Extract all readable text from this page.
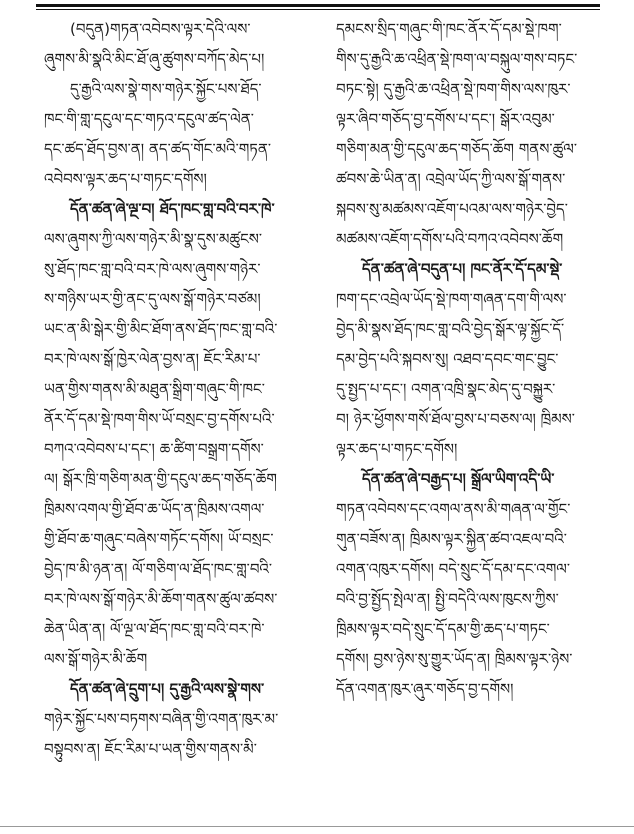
(བདུན)གཏན་འབེབས་ལྟར་དེའི་ལས་
ཞུགས་མི་སྣའི་མིང་ཐོ་ཞུ་ཚུགས་བཀོད་མེད་པ།
དུ་རྒྱའི་ལས་སྣེ་གས་གཉེར་སྐྱོང་པས་ཐོད་
ཁང་གི་གླ་དངུལ་དང་གཏའ་དངུལ་ཚད་ལེན་
དང་ཚད་ཐོད་བྱས་ན། ནད་ཚད་གོང་མའི་གཏན་
འབེབས་ལྟར་ཆད་པ་གཏང་དགོས།
དོན་ཚན་ཞེ་ལྔ་བ། ཐོད་ཁང་གླ་བའི་བར་ཁེ་
ལས་ཞུགས་ཀྱི་ལས་གཉེར་མི་སྣ་དུས་མཚུངས་
སུ་ཐོད་ཁང་གླ་བའི་བར་ཁེ་ལས་ཞུགས་གཉེར་
ས་གཉིས་ཡར་གྱི་ནང་དུ་ལས་སྒོ་གཉེར་བཙམ།
ཡང་ན་མི་སྒེར་གྱི་མིང་ཐོག་ནས་ཐོད་ཁང་གླ་བའི་
བར་ཁེ་ལས་སྒོ་ཁྱེར་ལེན་བྱས་ན། ཇོང་རིམ་པ་
ཡན་གྱིས་གནས་མི་མཐུན་སྒྲིག་གཞུང་གི་ཁང་
ནོར་དོ་དམ་སྡེ་ཁག་གིས་ཡོ་བསྲང་བྱ་དགོས་པའི་
བཀའ་འབེབས་པ་དང་། ཆ་ཚིག་བསྒྲག་དགོས་
ལ། སྒོར་ཁྲི་གཅིག་མན་གྱི་དངུལ་ཆད་གཅོད་ཆོག
ཁྲིམས་འགལ་གྱི་ཐོབ་ཆ་ཡོད་ན་ཁྲིམས་འགལ་
གྱི་ཐོབ་ཆ་གཞུང་བཞེས་གཏོང་དགོས། ཡོ་བསྲང་
བྱེད་ཁ་མི་ཉན་ན། ལོ་གཅིག་ལ་ཐོད་ཁང་གླ་བའི་
བར་ཁེ་ལས་སྒོ་གཉེར་མི་ཆོག་གནས་ཚུལ་ཚབས་
ཆེན་ཡིན་ན། ལོ་ལྔ་ལ་ཐོད་ཁང་གླ་བའི་བར་ཁེ་
ལས་སྒོ་གཉེར་མི་ཆོག
དོན་ཚན་ཞེ་དྲུག་པ། དུ་རྒྱའི་ལས་སྣེ་གས་
གཉེར་སྐྱོང་པས་བཏགས་བཞིན་གྱི་འགན་ཁུར་མ་
བསྟུབས་ན། ཇོང་རིམ་པ་ཡན་གྱིས་གནས་མི་
དམངས་སྲིད་གཞུང་གི་ཁང་ནོར་དོ་དམ་སྡེ་ཁག་
གིས་དུ་རྒྱའི་ཆ་འཕྲིན་སྡེ་ཁག་ལ་བསྐུལ་གས་བཏང་
བཏང་སྟེ། དུ་རྒྱའི་ཆ་འཕྲིན་སྡེ་ཁག་གིས་ལས་ཁུར་
ལྟར་ཞིབ་གཅོད་བྱ་དགོས་པ་དང་། སྒོར་འབུམ་
གཅིག་མན་གྱི་དངུལ་ཆད་གཅོད་ཆོག གནས་ཚུལ་
ཚབས་ཆེ་ཡིན་ན། འབྲེལ་ཡོད་ཀྱི་ལས་སྒོ་གནས་
སྐབས་སུ་མཚམས་འཇོག་པའམ་ལས་གཉེར་བྱེད་
མཚམས་འཇོག་དགོས་པའི་བཀའ་འབེབས་ཆོག
དོན་ཚན་ཞེ་བདུན་པ། ཁང་ནོར་དོ་དམ་སྡེ་
ཁག་དང་འབྲེལ་ཡོད་སྡེ་ཁག་གཞན་དག་གི་ལས་
བྱེད་མི་སྣས་ཐོད་ཁང་གླ་བའི་བྱེད་སྒོར་ལྟ་སྐྱོང་དོ་
དམ་བྱེད་པའི་སྐབས་སུ། འཐབ་དབང་གང་བྱུང་
དུ་སྤྱད་པ་དང་། འགན་འཁྲི་སྣང་མེད་དུ་བསྐྱུར་
བ། ཉེར་ཕྱོགས་གསོ་ཐོལ་བྱས་པ་བཅས་ལ། ཁྲིམས་
ལྟར་ཆད་པ་གཏང་དགོས།
དོན་ཚན་ཞེ་བརྒྱད་པ། སྒྲོལ་ཡིག་འདི་ཡི་
གཏན་འབེབས་དང་འགལ་ནས་མི་གཞན་ལ་གྱོང་
གུན་བཟོས་ན། ཁྲིམས་ལྟར་སྐྱིན་ཚབ་འཇལ་བའི་
འགན་འཁུར་དགོས། བདེ་སྲུང་དོ་དམ་དང་འགལ་
བའི་བྱ་སྤྱོད་སྤེལ་ན། སྤྱི་བདེའི་ལས་ཁུངས་ཀྱིས་
ཁྲིམས་ལྟར་བདེ་སྲུང་དོ་དམ་གྱི་ཆད་པ་གཏང་
དགོས། བྱས་ཉེས་སུ་གྱུར་ཡོད་ན། ཁྲིམས་ལྟར་ཉེས་
དོན་འགན་ཁུར་ཞུར་གཅོད་བྱ་དགོས།
